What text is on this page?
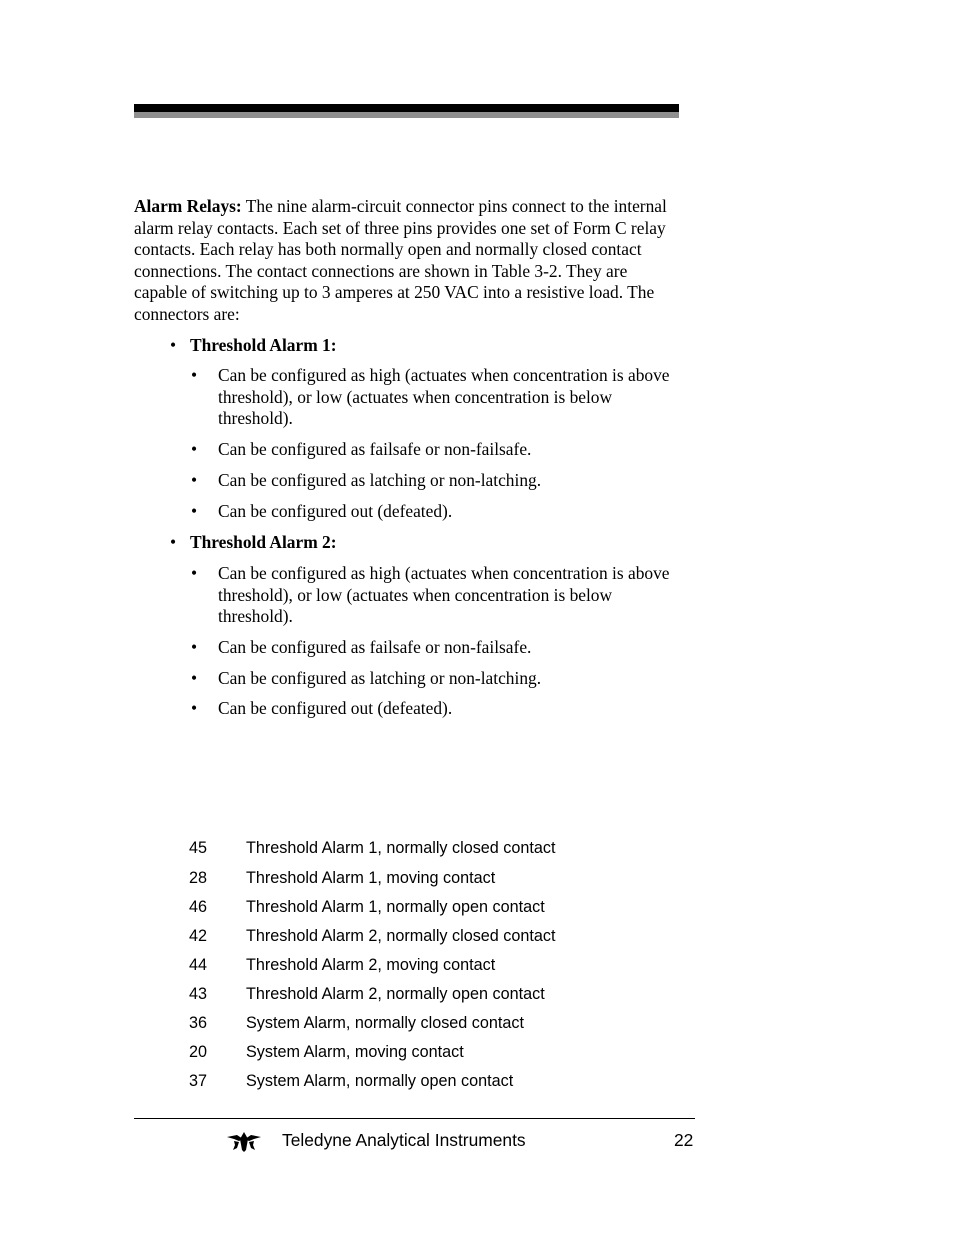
Alarm Relays: The nine alarm-circuit connector pins connect to the internal alarm relay contacts. Each set of three pins provides one set of Form C relay contacts. Each relay has both normally open and normally closed contact connections. The contact connections are shown in Table 3-2. They are capable of switching up to 3 amperes at 250 VAC into a resistive load. The connectors are:

• Threshold Alarm 1:
• Can be configured as high (actuates when concentration is above threshold), or low (actuates when concentration is below threshold).
• Can be configured as failsafe or non-failsafe.
• Can be configured as latching or non-latching.
• Can be configured out (defeated).
• Threshold Alarm 2:
• Can be configured as high (actuates when concentration is above threshold), or low (actuates when concentration is below threshold).
• Can be configured as failsafe or non-failsafe.
• Can be configured as latching or non-latching.
• Can be configured out (defeated).
45 Threshold Alarm 1, normally closed contact
28 Threshold Alarm 1, moving contact
46 Threshold Alarm 1, normally open contact
42 Threshold Alarm 2, normally closed contact
44 Threshold Alarm 2, moving contact
43 Threshold Alarm 2, normally open contact
36 System Alarm, normally closed contact
20 System Alarm, moving contact
37 System Alarm, normally open contact
Teledyne Analytical Instruments	22
